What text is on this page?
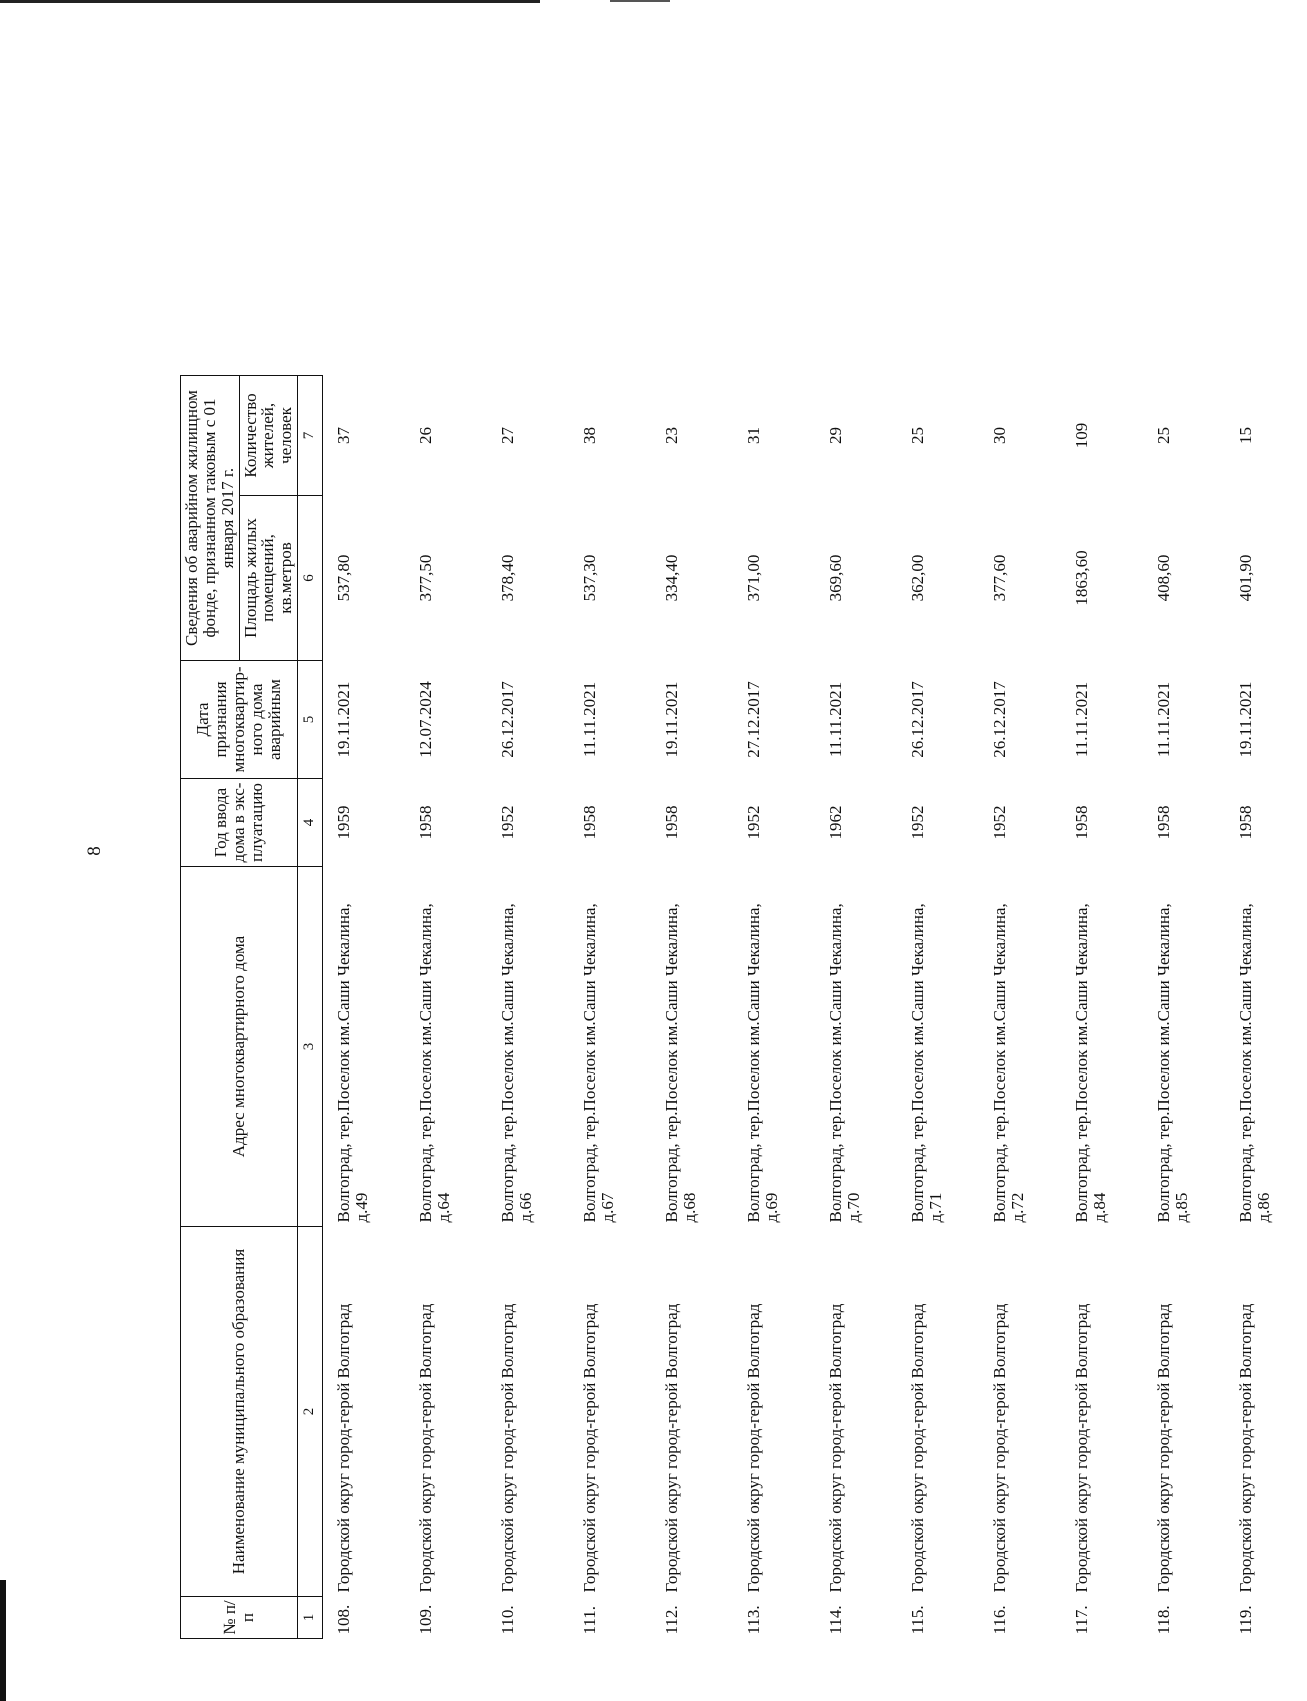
8
№ п/п	Наименование муниципального образования	Адрес многоквартирного дома	Год ввода дома в экс-плуатацию	Дата признания многоквартир-ного дома аварийным	Сведения об аварийном жилищном фонде, признанном таковым с 01 января 2017 г.	
					Площадь жилых помещений, кв.метров	Количество жителей, человек
1	2	3	4	5	6	7
108.	Городской округ город-герой Волгоград	Волгоград, тер.Поселок им.Саши Чекалина, д.49	1959	19.11.2021	537,80	37
109.	Городской округ город-герой Волгоград	Волгоград, тер.Поселок им.Саши Чекалина, д.64	1958	12.07.2024	377,50	26
110.	Городской округ город-герой Волгоград	Волгоград, тер.Поселок им.Саши Чекалина, д.66	1952	26.12.2017	378,40	27
111.	Городской округ город-герой Волгоград	Волгоград, тер.Поселок им.Саши Чекалина, д.67	1958	11.11.2021	537,30	38
112.	Городской округ город-герой Волгоград	Волгоград, тер.Поселок им.Саши Чекалина, д.68	1958	19.11.2021	334,40	23
113.	Городской округ город-герой Волгоград	Волгоград, тер.Поселок им.Саши Чекалина, д.69	1952	27.12.2017	371,00	31
114.	Городской округ город-герой Волгоград	Волгоград, тер.Поселок им.Саши Чекалина, д.70	1962	11.11.2021	369,60	29
115.	Городской округ город-герой Волгоград	Волгоград, тер.Поселок им.Саши Чекалина, д.71	1952	26.12.2017	362,00	25
116.	Городской округ город-герой Волгоград	Волгоград, тер.Поселок им.Саши Чекалина, д.72	1952	26.12.2017	377,60	30
117.	Городской округ город-герой Волгоград	Волгоград, тер.Поселок им.Саши Чекалина, д.84	1958	11.11.2021	1863,60	109
118.	Городской округ город-герой Волгоград	Волгоград, тер.Поселок им.Саши Чекалина, д.85	1958	11.11.2021	408,60	25
119.	Городской округ город-герой Волгоград	Волгоград, тер.Поселок им.Саши Чекалина, д.86	1958	19.11.2021	401,90	15
